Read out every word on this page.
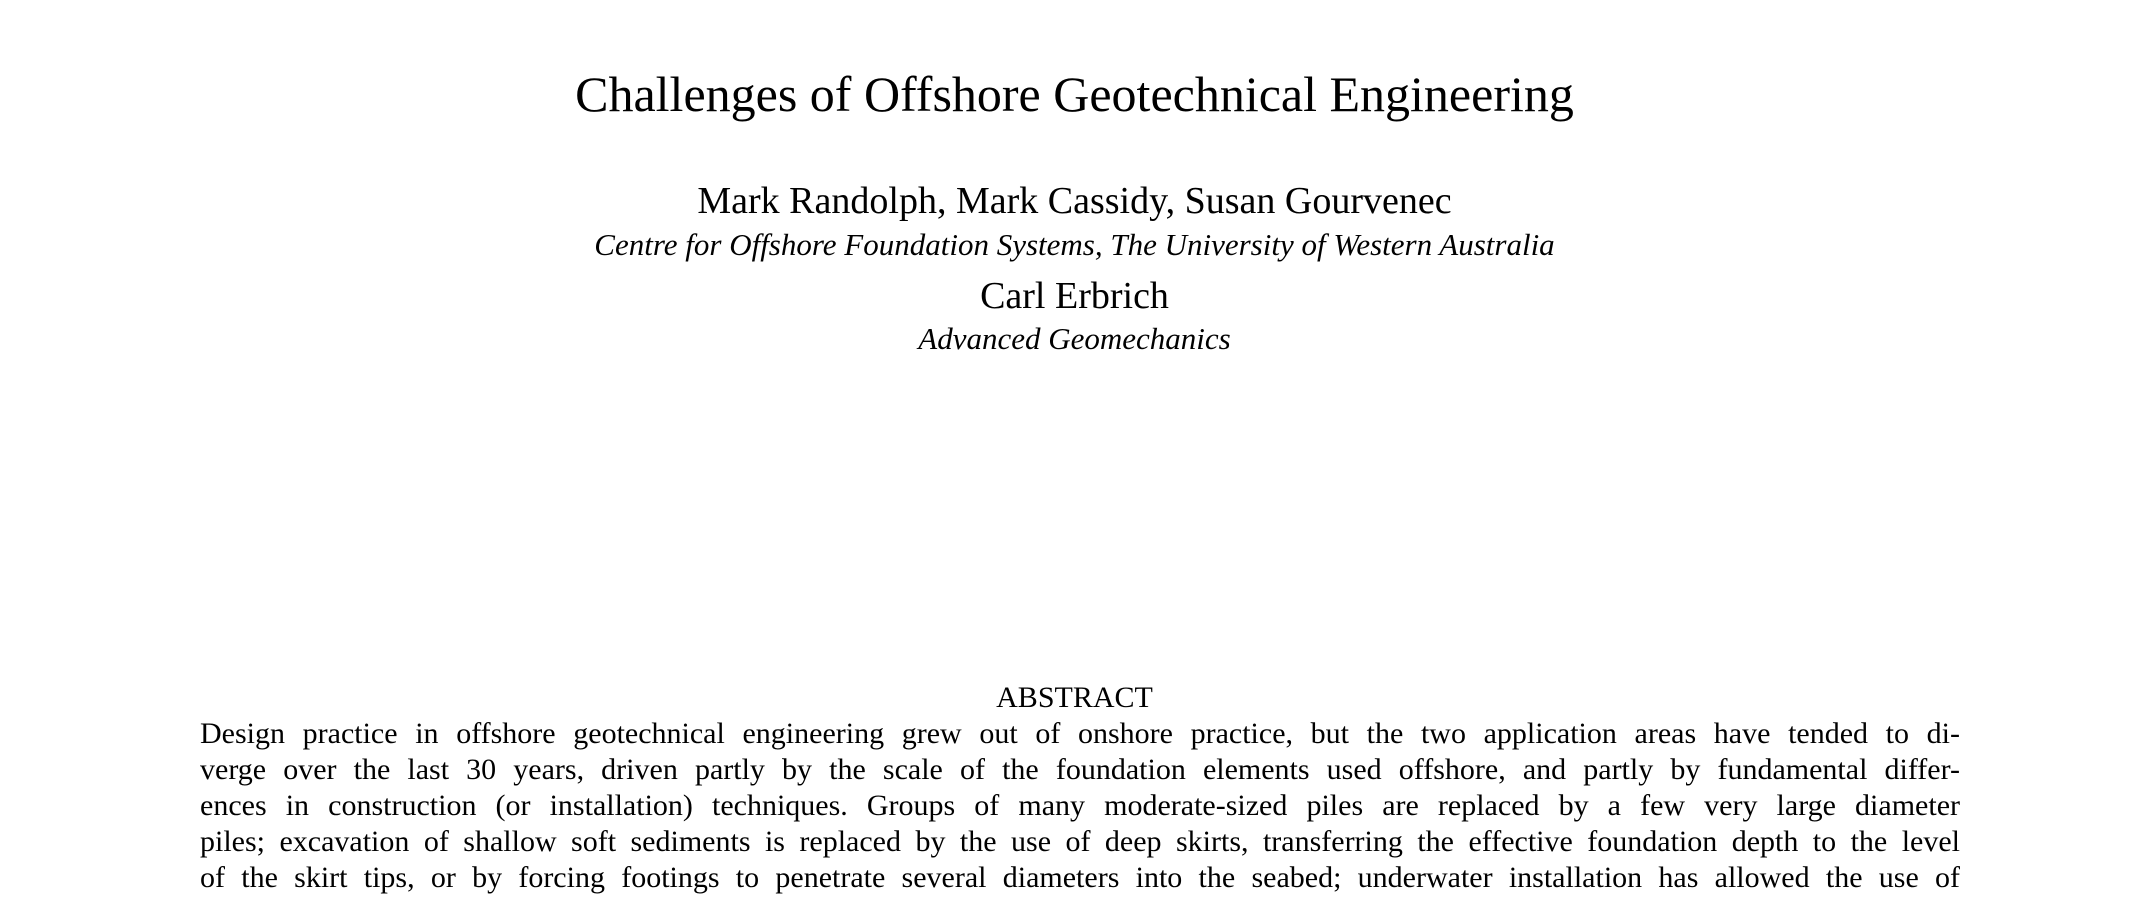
Challenges of Offshore Geotechnical Engineering
Mark Randolph, Mark Cassidy, Susan Gourvenec
Centre for Offshore Foundation Systems, The University of Western Australia
Carl Erbrich
Advanced Geomechanics
ABSTRACT
Design practice in offshore geotechnical engineering grew out of onshore practice, but the two application areas have tended to di-
verge over the last 30 years, driven partly by the scale of the foundation elements used offshore, and partly by fundamental differ-
ences in construction (or installation) techniques. Groups of many moderate-sized piles are replaced by a few very large diameter
piles; excavation of shallow soft sediments is replaced by the use of deep skirts, transferring the effective foundation depth to the level
of the skirt tips, or by forcing footings to penetrate several diameters into the seabed; underwater installation has allowed the use of
